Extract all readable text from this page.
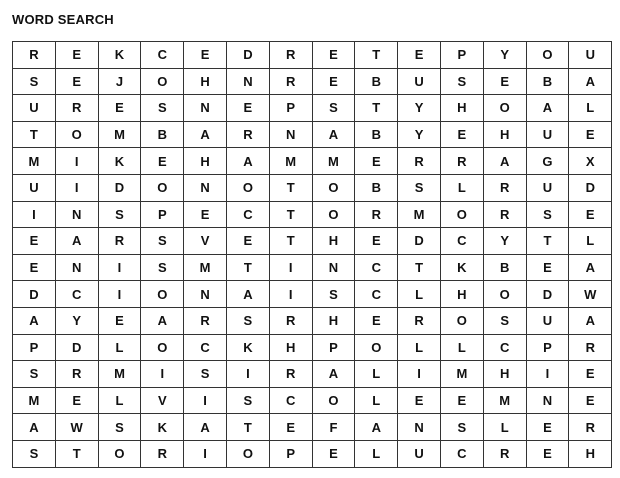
WORD SEARCH
R	E	K	C	E	D	R	E	T	E	P	Y	O	U
S	E	J	O	H	N	R	E	B	U	S	E	B	A
U	R	E	S	N	E	P	S	T	Y	H	O	A	L
T	O	M	B	A	R	N	A	B	Y	E	H	U	E
M	I	K	E	H	A	M	M	E	R	R	A	G	X
U	I	D	O	N	O	T	O	B	S	L	R	U	D
I	N	S	P	E	C	T	O	R	M	O	R	S	E
E	A	R	S	V	E	T	H	E	D	C	Y	T	L
E	N	I	S	M	T	I	N	C	T	K	B	E	A
D	C	I	O	N	A	I	S	C	L	H	O	D	W
A	Y	E	A	R	S	R	H	E	R	O	S	U	A
P	D	L	O	C	K	H	P	O	L	L	C	P	R
S	R	M	I	S	I	R	A	L	I	M	H	I	E
M	E	L	V	I	S	C	O	L	E	E	M	N	E
A	W	S	K	A	T	E	F	A	N	S	L	E	R
S	T	O	R	I	O	P	E	L	U	C	R	E	H
